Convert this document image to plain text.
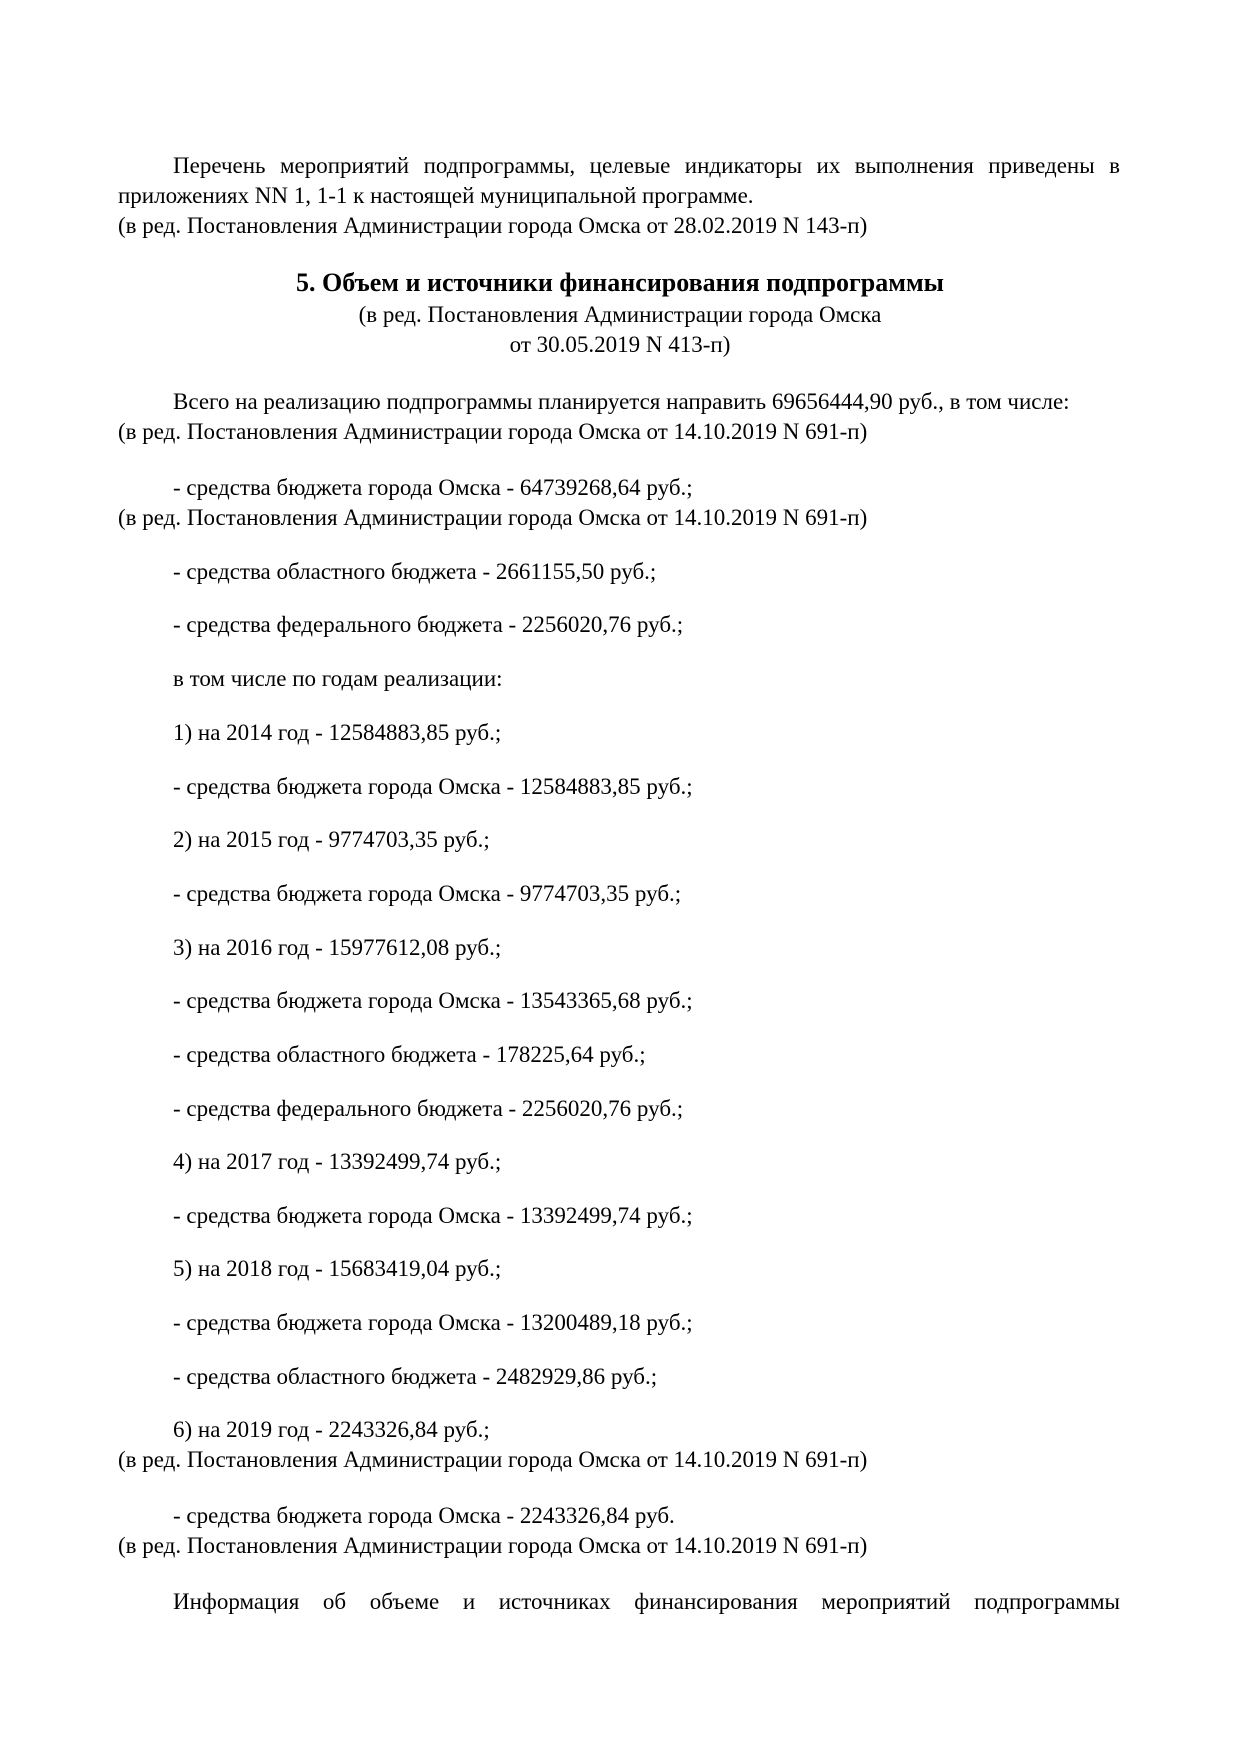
Перечень мероприятий подпрограммы, целевые индикаторы их выполнения приведены в
приложениях NN 1, 1-1 к настоящей муниципальной программе.
(в ред. Постановления Администрации города Омска от 28.02.2019 N 143-п)
5. Объем и источники финансирования подпрограммы
(в ред. Постановления Администрации города Омска
от 30.05.2019 N 413-п)
Всего на реализацию подпрограммы планируется направить 69656444,90 руб., в том числе:
(в ред. Постановления Администрации города Омска от 14.10.2019 N 691-п)
- средства бюджета города Омска - 64739268,64 руб.;
(в ред. Постановления Администрации города Омска от 14.10.2019 N 691-п)
- средства областного бюджета - 2661155,50 руб.;
- средства федерального бюджета - 2256020,76 руб.;
в том числе по годам реализации:
1) на 2014 год - 12584883,85 руб.;
- средства бюджета города Омска - 12584883,85 руб.;
2) на 2015 год - 9774703,35 руб.;
- средства бюджета города Омска - 9774703,35 руб.;
3) на 2016 год - 15977612,08 руб.;
- средства бюджета города Омска - 13543365,68 руб.;
- средства областного бюджета - 178225,64 руб.;
- средства федерального бюджета - 2256020,76 руб.;
4) на 2017 год - 13392499,74 руб.;
- средства бюджета города Омска - 13392499,74 руб.;
5) на 2018 год - 15683419,04 руб.;
- средства бюджета города Омска - 13200489,18 руб.;
- средства областного бюджета - 2482929,86 руб.;
6) на 2019 год - 2243326,84 руб.;
(в ред. Постановления Администрации города Омска от 14.10.2019 N 691-п)
- средства бюджета города Омска - 2243326,84 руб.
(в ред. Постановления Администрации города Омска от 14.10.2019 N 691-п)
Информация об объеме и источниках финансирования мероприятий подпрограммы
